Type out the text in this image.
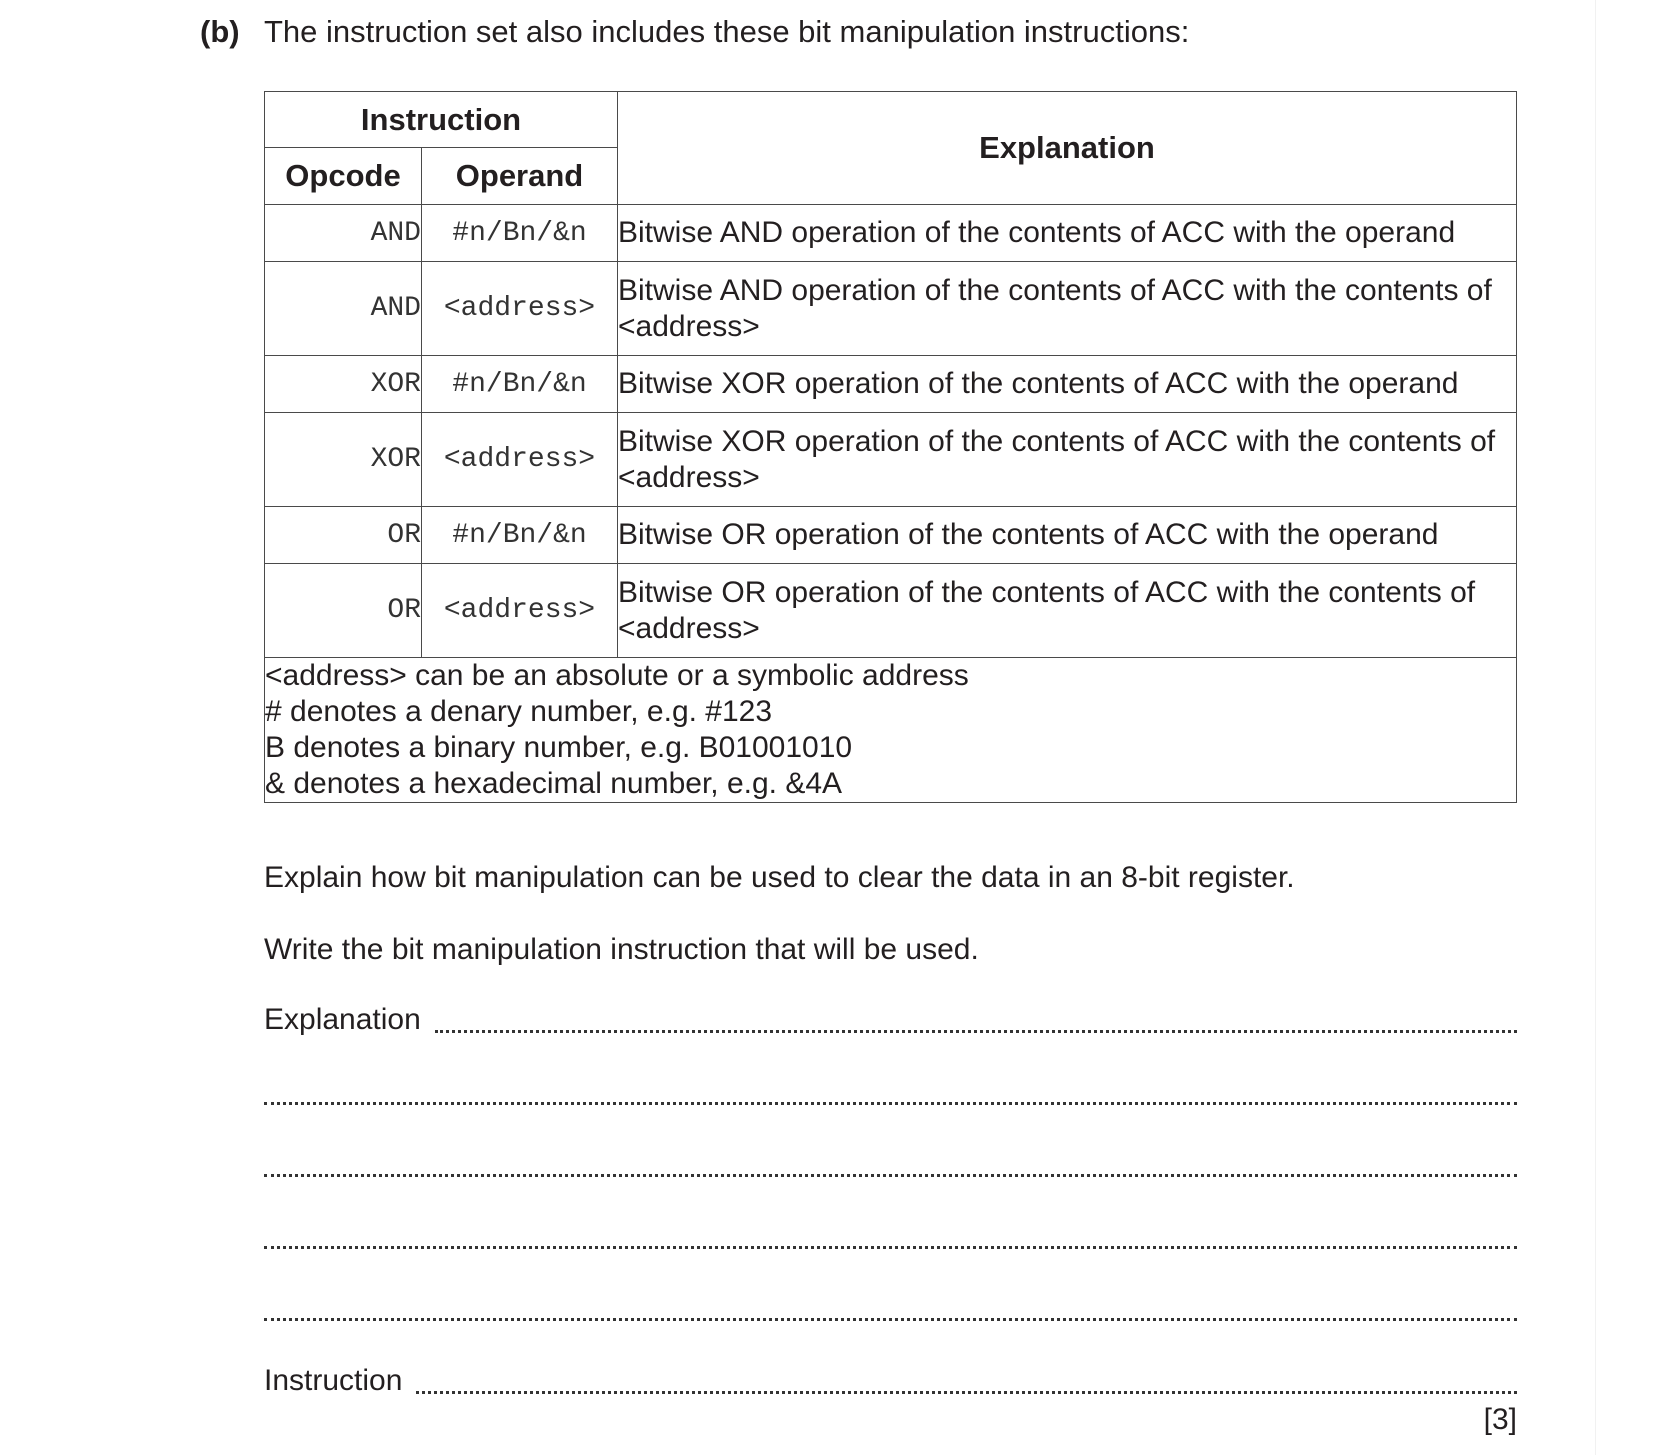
(b) The instruction set also includes these bit manipulation instructions:
Instruction		Explanation
Opcode	Operand	
AND	#n/Bn/&n	Bitwise AND operation of the contents of ACC with the operand
AND	<address>	Bitwise AND operation of the contents of ACC with the contents of <address>
XOR	#n/Bn/&n	Bitwise XOR operation of the contents of ACC with the operand
XOR	<address>	Bitwise XOR operation of the contents of ACC with the contents of <address>
OR	#n/Bn/&n	Bitwise OR operation of the contents of ACC with the operand
OR	<address>	Bitwise OR operation of the contents of ACC with the contents of <address>

<address> can be an absolute or a symbolic address
# denotes a denary number, e.g. #123
B denotes a binary number, e.g. B01001010
& denotes a hexadecimal number, e.g. &4A		
Explain how bit manipulation can be used to clear the data in an 8-bit register.
Write the bit manipulation instruction that will be used.
Explanation
Instruction
[3]
